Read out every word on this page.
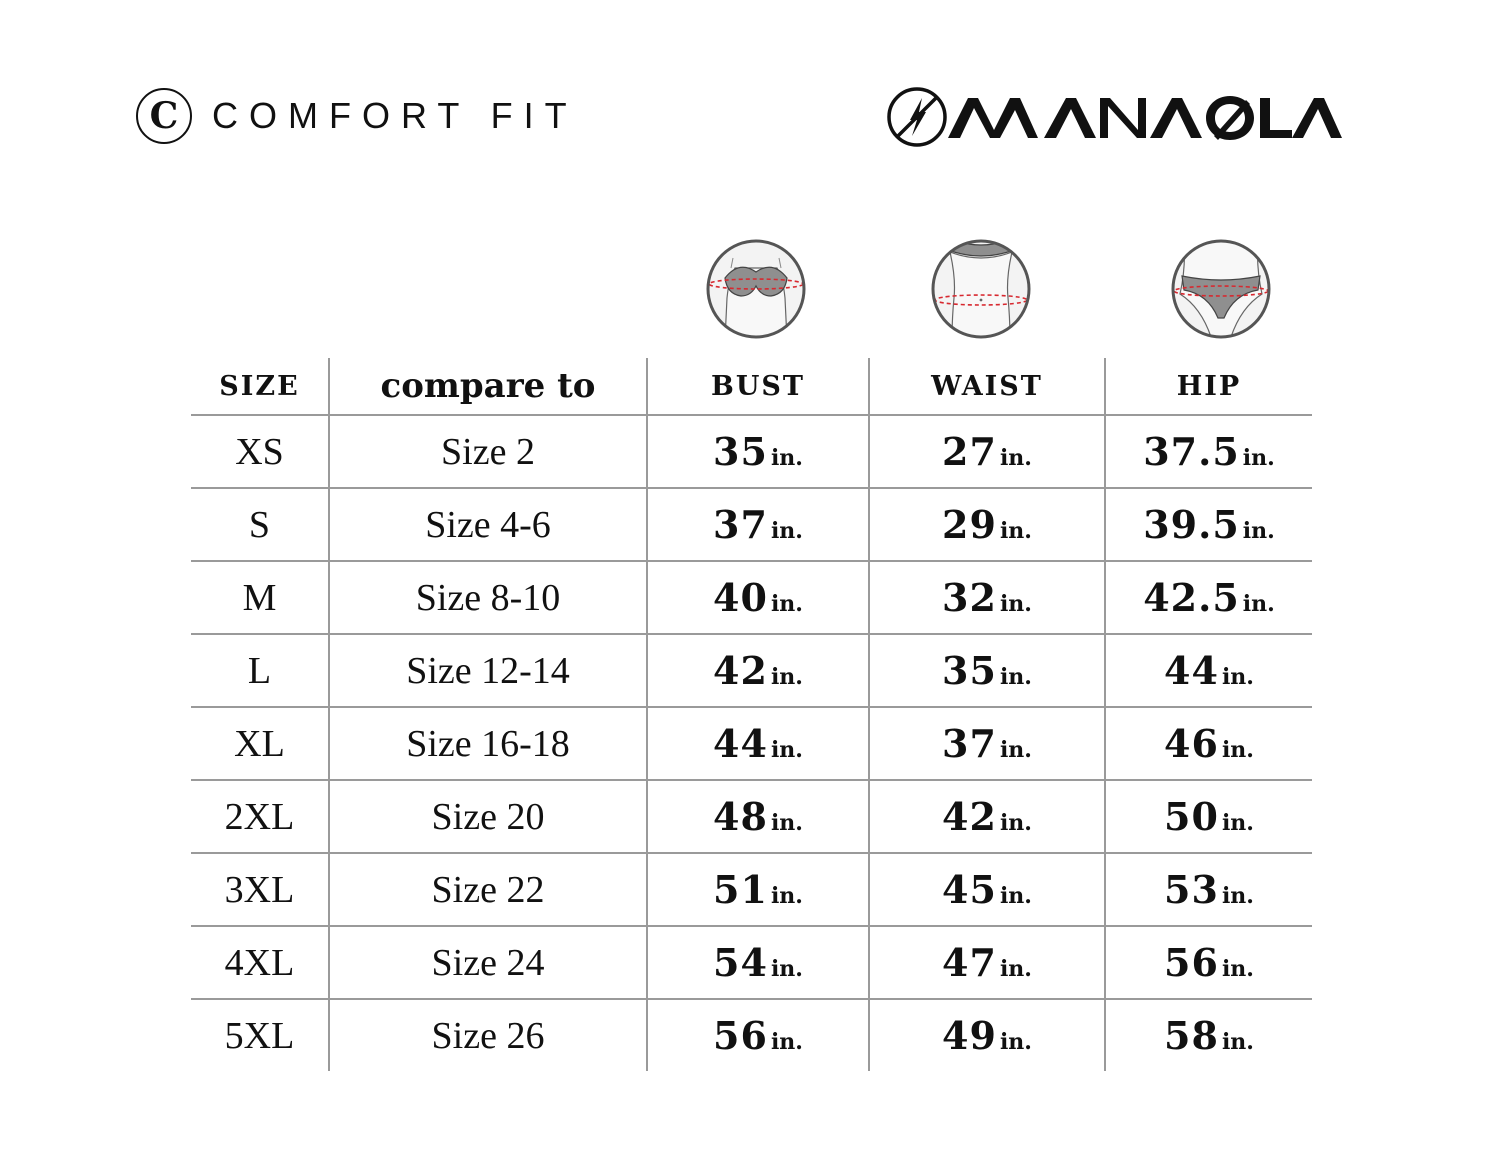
C COMFORT FIT
SIZE	compare to	BUST	WAIST	HIP
XS	Size 2	35 in.	27 in.	37.5 in.
S	Size 4-6	37 in.	29 in.	39.5 in.
M	Size 8-10	40 in.	32 in.	42.5 in.
L	Size 12-14	42 in.	35 in.	44 in.
XL	Size 16-18	44 in.	37 in.	46 in.
2XL	Size 20	48 in.	42 in.	50 in.
3XL	Size 22	51 in.	45 in.	53 in.
4XL	Size 24	54 in.	47 in.	56 in.
5XL	Size 26	56 in.	49 in.	58 in.
